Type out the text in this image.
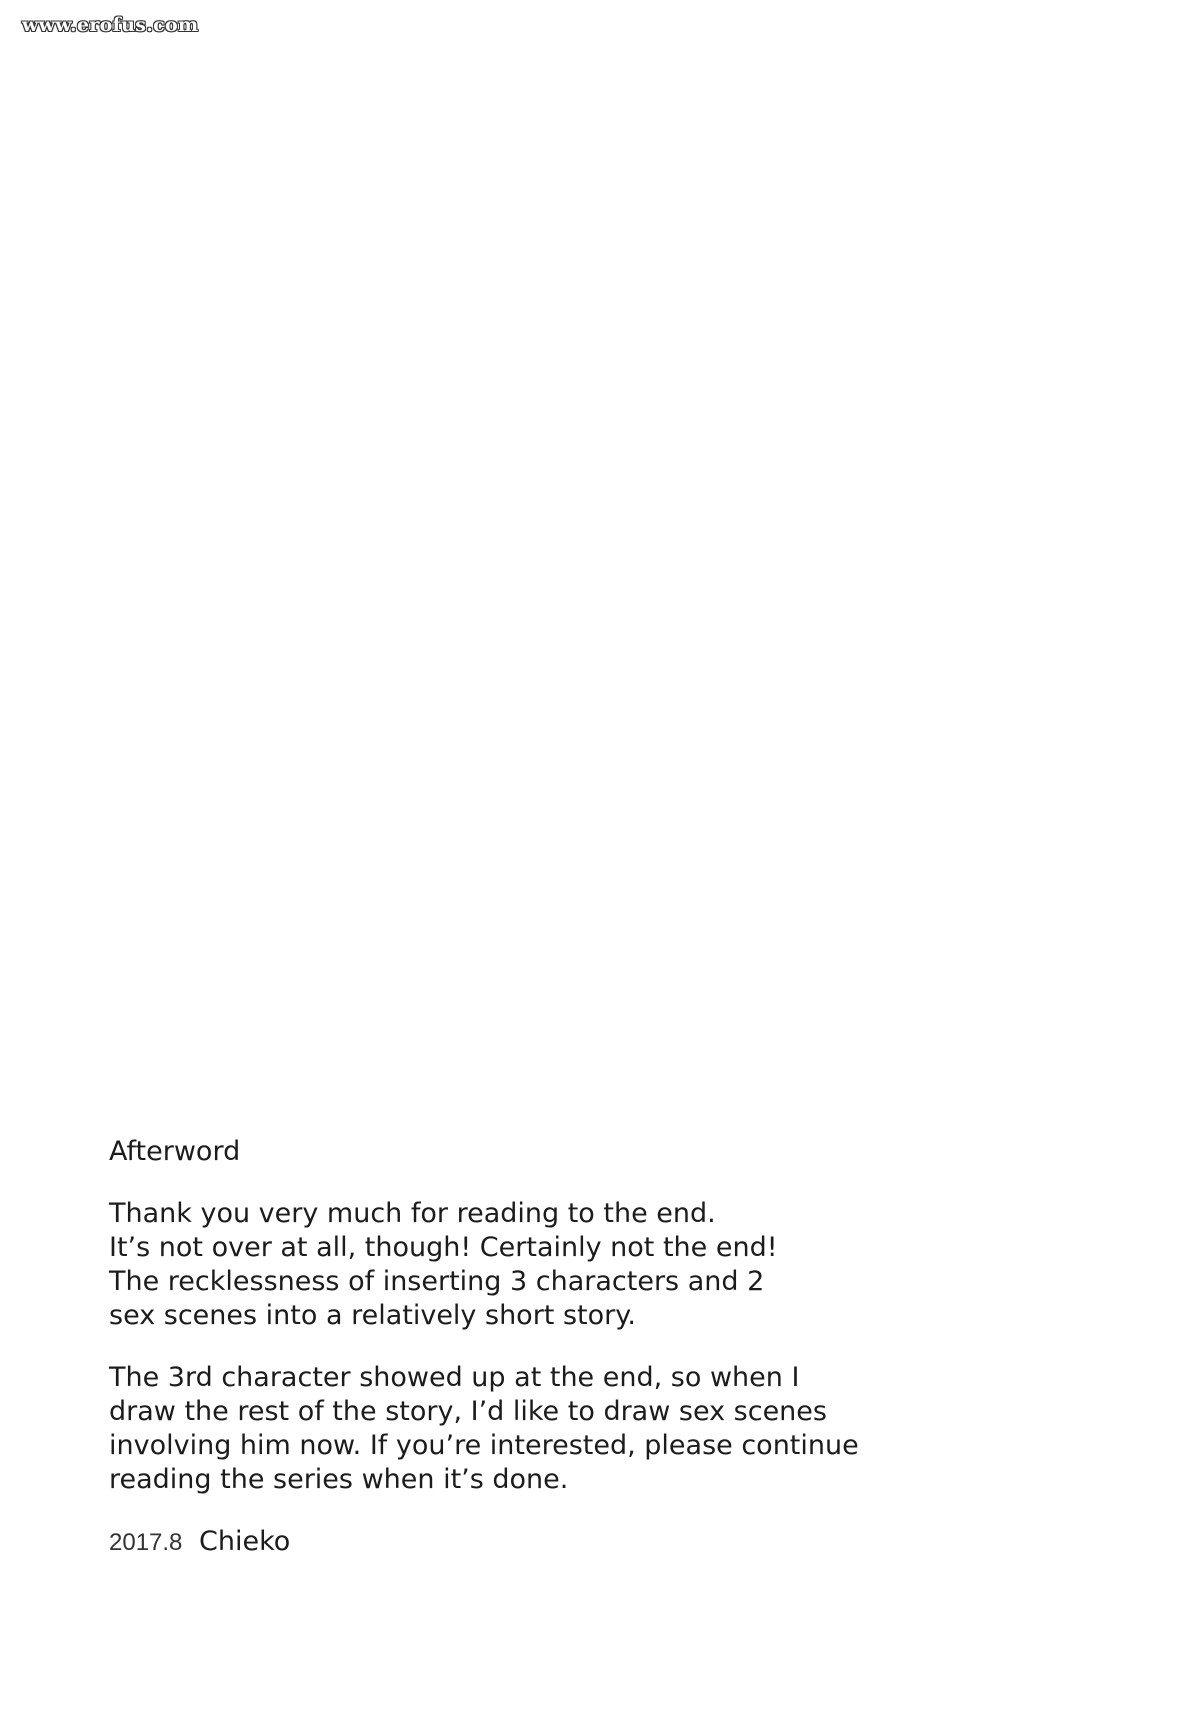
www.erofus.com
Afterword
Thank you very much for reading to the end.
It’s not over at all, though! Certainly not the end!
The recklessness of inserting 3 characters and 2
sex scenes into a relatively short story.
The 3rd character showed up at the end, so when I
draw the rest of the story, I’d like to draw sex scenes
involving him now. If you’re interested, please continue
reading the series when it’s done.
2017.8 Chieko
